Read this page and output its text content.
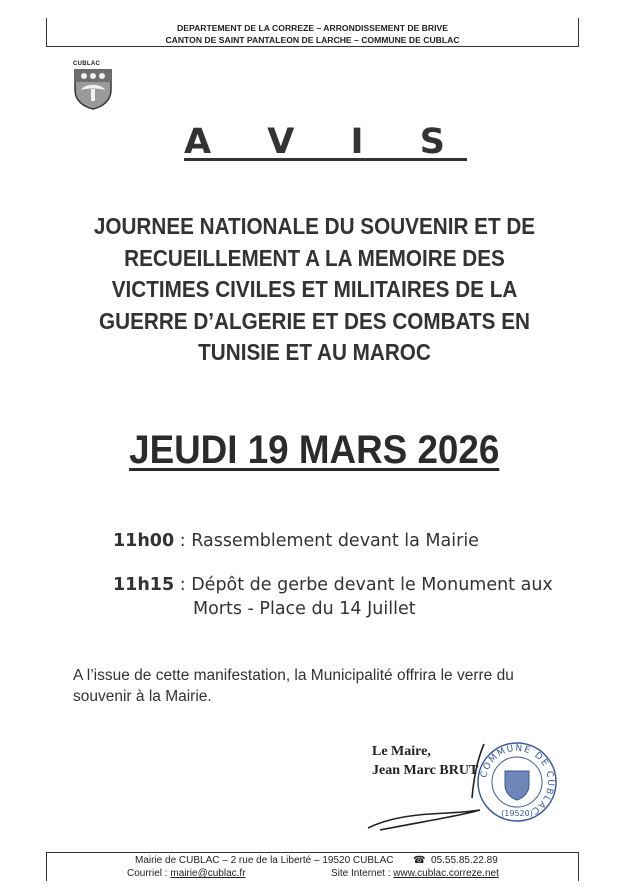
DEPARTEMENT DE LA CORREZE – ARRONDISSEMENT DE BRIVE
CANTON DE SAINT PANTALEON DE LARCHE – COMMUNE DE CUBLAC
CUBLAC
A V I S
JOURNEE NATIONALE DU SOUVENIR ET DE
RECUEILLEMENT A LA MEMOIRE DES
VICTIMES CIVILES ET MILITAIRES DE LA
GUERRE D’ALGERIE ET DES COMBATS EN
TUNISIE ET AU MAROC
JEUDI 19 MARS 2026
11h00 : Rassemblement devant la Mairie
11h15 : Dépôt de gerbe devant le Monument aux
Morts - Place du 14 Juillet
A l’issue de cette manifestation, la Municipalité offrira le verre du
souvenir à la Mairie.
Le Maire,
Jean Marc BRUT COMMUNE DE CUBLAC
(19520)
Mairie de CUBLAC – 2 rue de la Liberté – 19520 CUBLAC ☎ 05.55.85.22.89
Courriel : mairie@cublac.fr	Site Internet : www.cublac.correze.net
